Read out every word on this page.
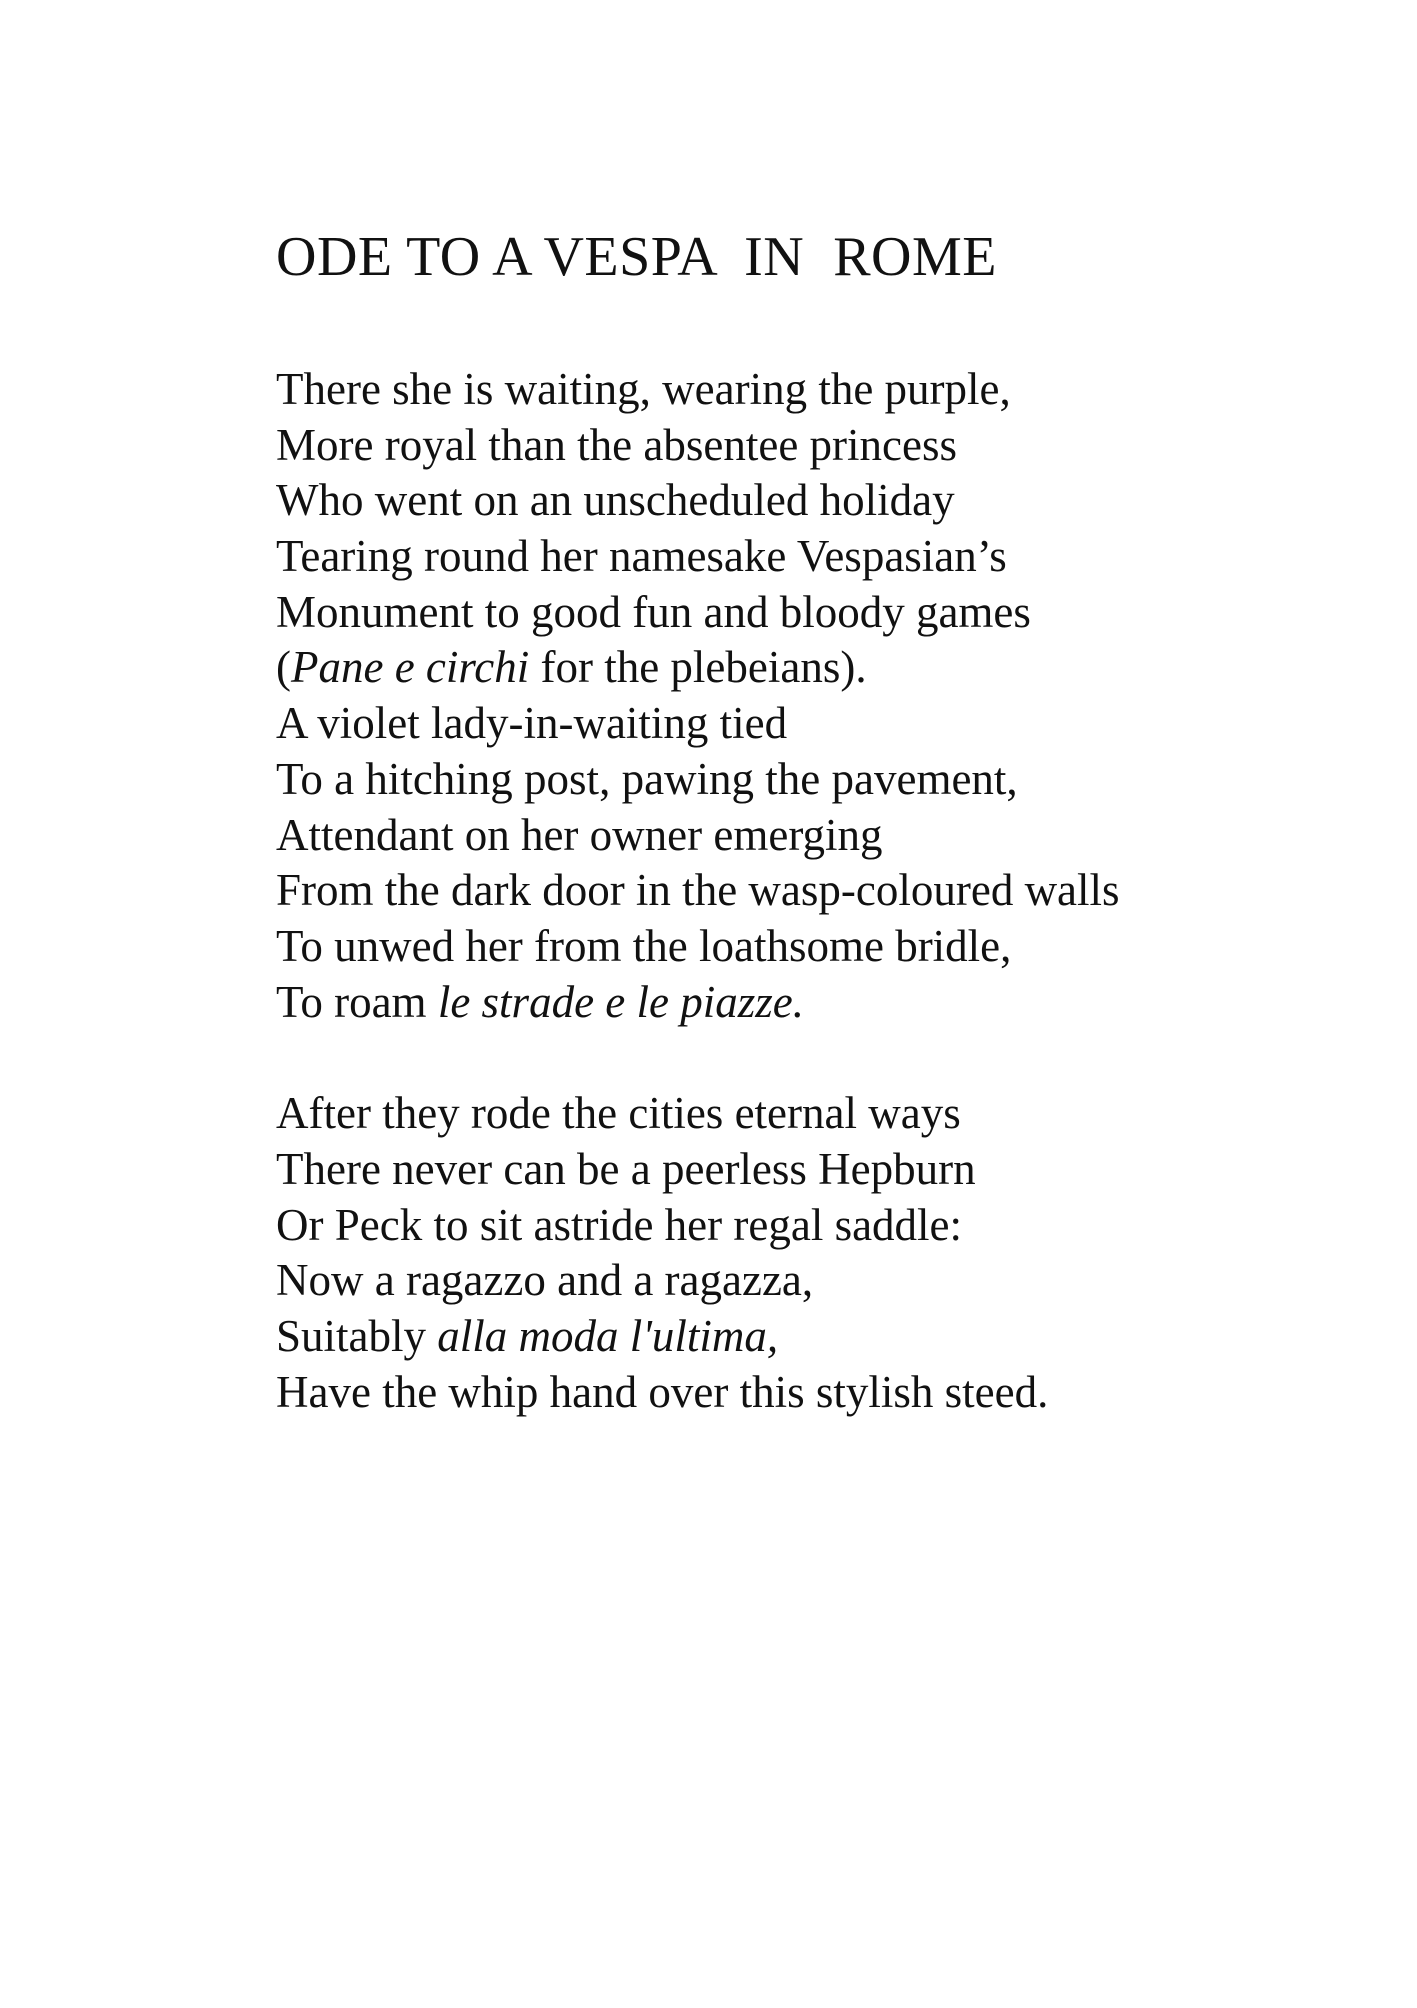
ODE TO A VESPA  IN  ROME
There she is waiting, wearing the purple,
More royal than the absentee princess
Who went on an unscheduled holiday
Tearing round her namesake Vespasian’s
Monument to good fun and bloody games
(Pane e circhi for the plebeians).
A violet lady-in-waiting tied
To a hitching post, pawing the pavement,
Attendant on her owner emerging
From the dark door in the wasp-coloured walls
To unwed her from the loathsome bridle,
To roam le strade e le piazze.
After they rode the cities eternal ways
There never can be a peerless Hepburn
Or Peck to sit astride her regal saddle:
Now a ragazzo and a ragazza,
Suitably alla moda l'ultima,
Have the whip hand over this stylish steed.
